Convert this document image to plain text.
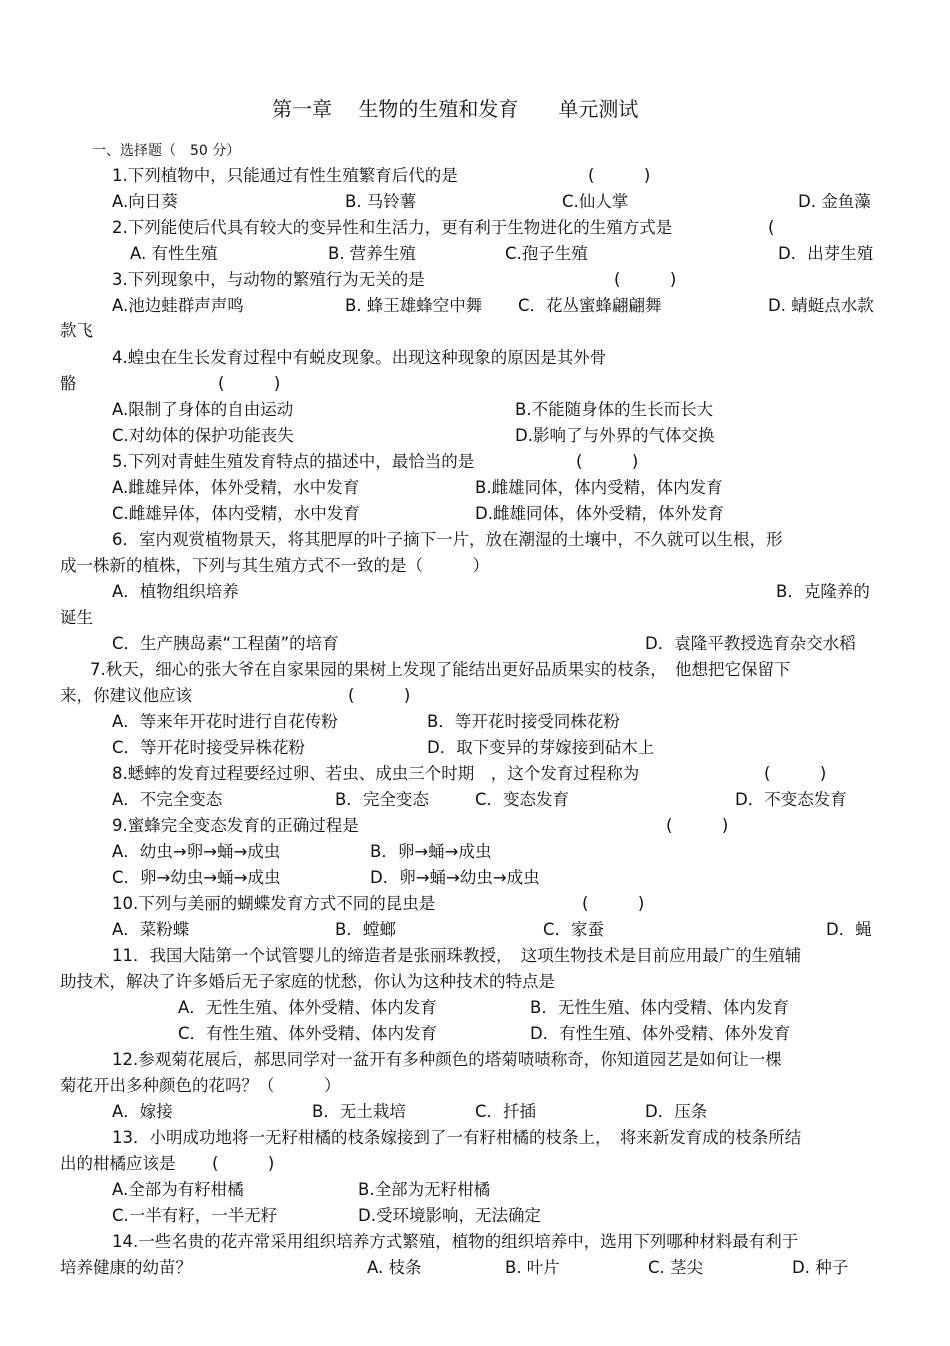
第一章　 生物的生殖和发育　　单元测试
一、选择题（　50 分）
1.下列植物中，只能通过有性生殖繁育后代的是	(　　　)
A.向日葵	B. 马铃薯	C.仙人掌	D. 金鱼藻
2.下列能使后代具有较大的变异性和生活力，更有利于生物进化的生殖方式是	(
A. 有性生殖	B. 营养生殖	C.孢子生殖	D．出芽生殖
3.下列现象中，与动物的繁殖行为无关的是	(　　　)
A.池边蛙群声声鸣	B. 蜂王雄蜂空中舞 C．花丛蜜蜂翩翩舞	D. 蜻蜓点水款
款飞
4.蝗虫在生长发育过程中有蜕皮现象。出现这种现象的原因是其外骨
骼	(　　　)
A.限制了身体的自由运动	B.不能随身体的生长而长大
C.对幼体的保护功能丧失	D.影响了与外界的气体交换
5.下列对青蛙生殖发育特点的描述中，最恰当的是	(　　　)
A.雌雄异体，体外受精，水中发育	B.雌雄同体，体内受精，体内发育
C.雌雄异体，体内受精，水中发育	D.雌雄同体，体外受精，体外发育
6．室内观赏植物景天，将其肥厚的叶子摘下一片，放在潮湿的土壤中，不久就可以生根，形
成一株新的植株，下列与其生殖方式不一致的是（　　　）
A．植物组织培养	B．克隆养的
诞生
C．生产胰岛素“工程菌”的培育	D．袁隆平教授选育杂交水稻
7.秋天，细心的张大爷在自家果园的果树上发现了能结出更好品质果实的枝条，　他想把它保留下
来，你建议他应该	(　　　)
A．等来年开花时进行自花传粉	B．等开花时接受同株花粉
C．等开花时接受异株花粉	D．取下变异的芽嫁接到砧木上
8.蟋蟀的发育过程要经过卵、若虫、成虫三个时期　，这个发育过程称为	(　　　)
A．不完全变态	B．完全变态	C．变态发育	D．不变态发育
9.蜜蜂完全变态发育的正确过程是	(　　　)
A．幼虫→卵→蛹→成虫	B．卵→蛹→成虫
C．卵→幼虫→蛹→成虫	D．卵→蛹→幼虫→成虫
10.下列与美丽的蝴蝶发育方式不同的昆虫是	(　　　)
A．菜粉蝶	B．螳螂	C．家蚕	D．蝇
11．我国大陆第一个试管婴儿的缔造者是张丽珠教授，　这项生物技术是目前应用最广的生殖辅
助技术，解决了许多婚后无子家庭的忧愁，你认为这种技术的特点是
A．无性生殖、体外受精、体内发育	B．无性生殖、体内受精、体内发育
C．有性生殖、体外受精、体内发育	D．有性生殖、体外受精、体外发育
12.参观菊花展后，郝思同学对一盆开有多种颜色的塔菊啧啧称奇，你知道园艺是如何让一棵
菊花开出多种颜色的花吗？（　　　）
A．嫁接	B．无土栽培	C．扦插	D．压条
13．小明成功地将一无籽柑橘的枝条嫁接到了一有籽柑橘的枝条上，　将来新发育成的枝条所结
出的柑橘应该是 (　　　)
A.全部为有籽柑橘	B.全部为无籽柑橘
C.一半有籽，一半无籽	D.受环境影响，无法确定
14.一些名贵的花卉常采用组织培养方式繁殖，植物的组织培养中，选用下列哪种材料最有利于
培养健康的幼苗？	A. 枝条	B. 叶片	C. 茎尖	D. 种子
